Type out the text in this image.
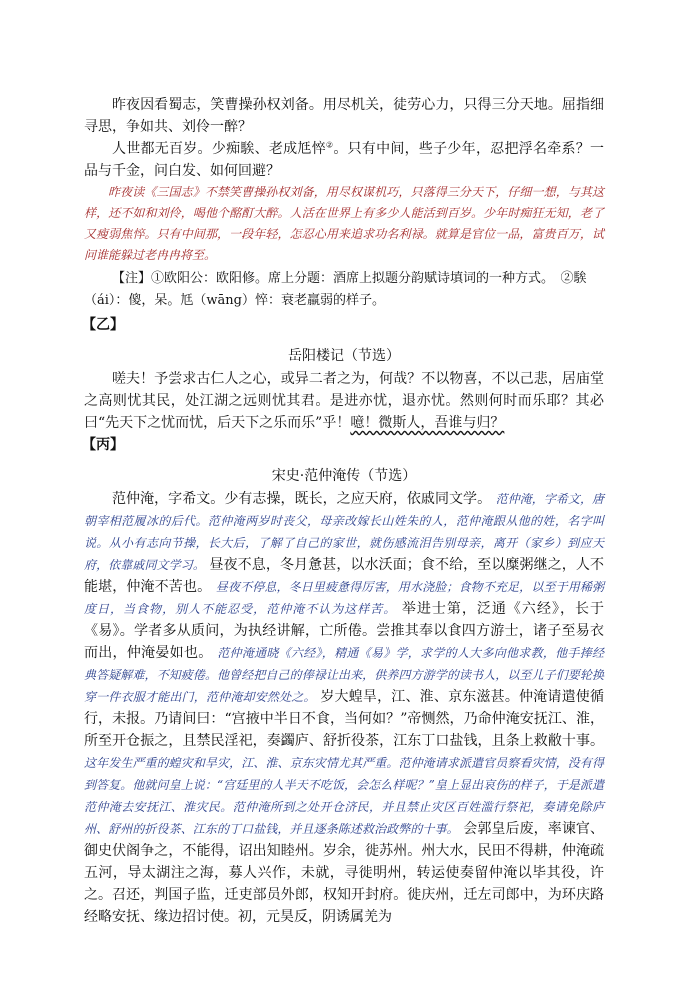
昨夜因看蜀志，笑曹操孙权刘备。用尽机关，徒劳心力，只得三分天地。屈指细寻思，争如共、刘伶一醉？

人世都无百岁。少痴騃、老成尪悴②。只有中间，些子少年，忍把浮名牵系？一品与千金，问白发、如何回避？

昨夜读《三国志》不禁笑曹操孙权刘备，用尽权谋机巧，只落得三分天下，仔细一想，与其这样，还不如和刘伶，喝他个酩酊大醉。人活在世界上有多少人能活到百岁。少年时痴狂无知，老了又瘦弱焦悴。只有中间那，一段年轻，怎忍心用来追求功名利禄。就算是官位一品，富贵百万，试问谁能躲过老冉冉将至。

【注】①欧阳公：欧阳修。席上分题：酒席上拟题分韵赋诗填词的一种方式。　②騃（ái）：傻，呆。尪（wāng）悴：衰老羸弱的样子。

【乙】

岳阳楼记（节选）

嗟夫！予尝求古仁人之心，或异二者之为，何哉？不以物喜，不以己悲，居庙堂之高则忧其民，处江湖之远则忧其君。是进亦忧，退亦忧。然则何时而乐耶？其必曰“先天下之忧而忧，后天下之乐而乐”乎！噫！微斯人，吾谁与归？

【丙】

宋史·范仲淹传（节选）

范仲淹，字希文。少有志操，既长，之应天府，依戚同文学。 范仲淹，字希文，唐朝宰相范履冰的后代。范仲淹两岁时丧父，母亲改嫁长山姓朱的人，范仲淹跟从他的姓，名字叫说。从小有志向节操，长大后，了解了自己的家世，就伤感流泪告别母亲，离开（家乡）到应天府，依靠戚同文学习。 昼夜不息，冬月惫甚，以水沃面；食不给，至以糜粥继之，人不能堪，仲淹不苦也。 昼夜不停息，冬日里疲惫得厉害，用水浇脸；食物不充足，以至于用稀粥度日，当食物，别人不能忍受，范仲淹不认为这样苦。 举进士第，泛通《六经》，长于《易》。学者多从质问，为执经讲解，亡所倦。尝推其奉以食四方游士，诸子至易衣而出，仲淹晏如也。 范仲淹通晓《六经》，精通《易》学，求学的人大多向他求教，他手捧经典答疑解难，不知疲倦。他曾经把自己的俸禄让出来，供养四方游学的读书人，以至儿子们要轮换穿一件衣服才能出门，范仲淹却安然处之。 岁大蝗旱，江、淮、京东滋甚。仲淹请遣使循行，未报。乃请间曰：“宫掖中半日不食，当何如？”帝恻然，乃命仲淹安抚江、淮，所至开仓振之，且禁民淫祀，奏蠲庐、舒折役茶，江东丁口盐钱，且条上救敝十事。 这年发生严重的蝗灾和旱灾，江、淮、京东灾情尤其严重。范仲淹请求派遣官员察看灾情，没有得到答复。他就问皇上说：“宫廷里的人半天不吃饭，会怎么样呢？”皇上显出哀伤的样子，于是派遣范仲淹去安抚江、淮灾民。范仲淹所到之处开仓济民，并且禁止灾区百姓滥行祭祀，奏请免除庐州、舒州的折役茶、江东的丁口盐钱，并且逐条陈述救治政弊的十事。 会郭皇后废，率谏官、御史伏阁争之，不能得，诏出知睦州。岁余，徙苏州。州大水，民田不得耕，仲淹疏五河，导太湖注之海，募人兴作，未就，寻徙明州，转运使奏留仲淹以毕其役，许之。召还，判国子监，迁吏部员外郎，权知开封府。徙庆州，迁左司郎中，为环庆路经略安抚、缘边招讨使。初，元昊反，阴诱属羌为
